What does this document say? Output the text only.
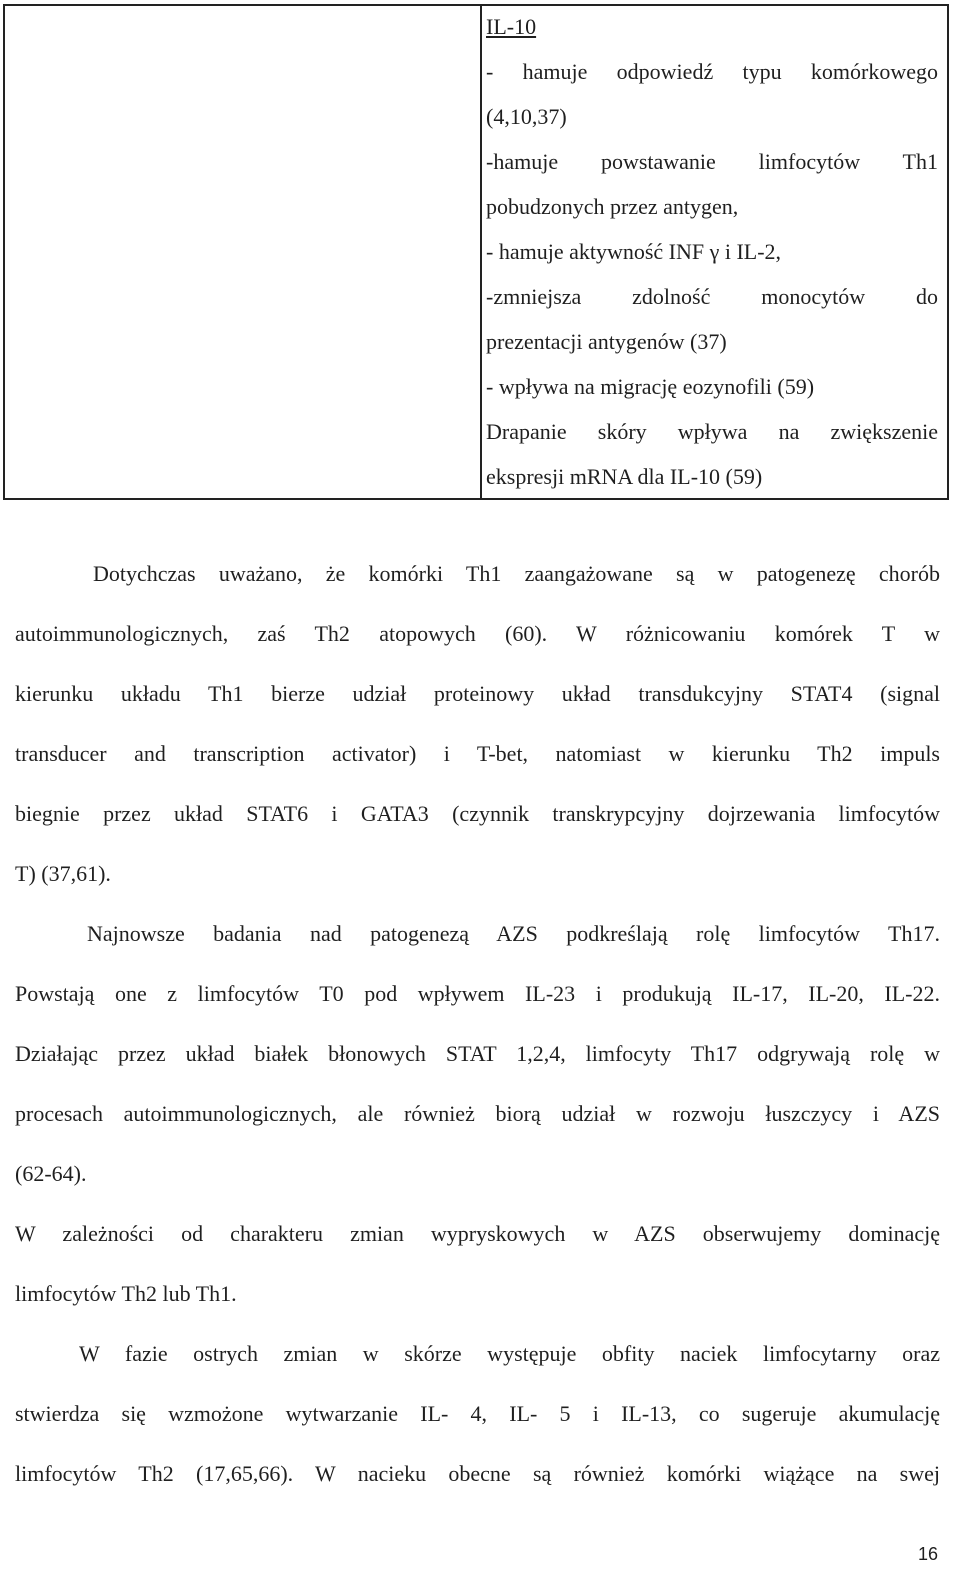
IL-10
- hamuje odpowiedź typu komórkowego
(4,10,37)
-hamuje powstawanie limfocytów Th1
pobudzonych przez antygen,
- hamuje aktywność INF γ i IL-2,
-zmniejsza zdolność monocytów do
prezentacji antygenów (37)
- wpływa na migrację eozynofili (59)
Drapanie skóry wpływa na zwiększenie
ekspresji mRNA dla IL-10 (59)
Dotychczas uważano, że komórki Th1 zaangażowane są w patogenezę chorób
autoimmunologicznych, zaś Th2 atopowych (60). W różnicowaniu komórek T w
kierunku układu Th1 bierze udział proteinowy układ transdukcyjny STAT4 (signal
transducer and transcription activator) i T-bet, natomiast w kierunku Th2 impuls
biegnie przez układ STAT6 i GATA3 (czynnik transkrypcyjny dojrzewania limfocytów
T) (37,61).
Najnowsze badania nad patogenezą AZS podkreślają rolę limfocytów Th17.
Powstają one z limfocytów T0 pod wpływem IL-23 i produkują IL-17, IL-20, IL-22.
Działając przez układ białek błonowych STAT 1,2,4, limfocyty Th17 odgrywają rolę w
procesach autoimmunologicznych, ale również biorą udział w rozwoju łuszczycy i AZS
(62-64).
W zależności od charakteru zmian wypryskowych w AZS obserwujemy dominację
limfocytów Th2 lub Th1.
W fazie ostrych zmian w skórze występuje obfity naciek limfocytarny oraz
stwierdza się wzmożone wytwarzanie IL- 4, IL- 5 i IL-13, co sugeruje akumulację
limfocytów Th2 (17,65,66). W nacieku obecne są również komórki wiążące na swej
16
